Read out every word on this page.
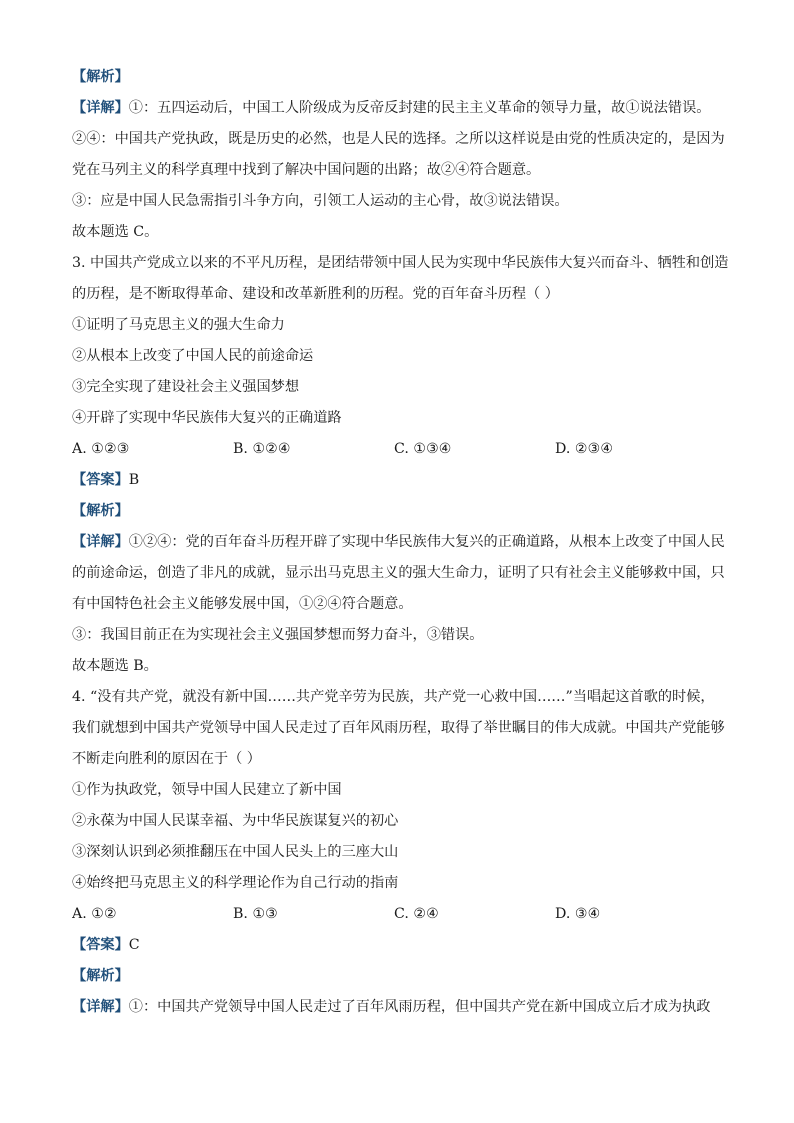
【解析】
【详解】①：五四运动后，中国工人阶级成为反帝反封建的民主主义革命的领导力量，故①说法错误。
②④：中国共产党执政，既是历史的必然，也是人民的选择。之所以这样说是由党的性质决定的，是因为
党在马列主义的科学真理中找到了解决中国问题的出路；故②④符合题意。
③：应是中国人民急需指引斗争方向，引领工人运动的主心骨，故③说法错误。
故本题选 C。
3. 中国共产党成立以来的不平凡历程，是团结带领中国人民为实现中华民族伟大复兴而奋斗、牺牲和创造
的历程，是不断取得革命、建设和改革新胜利的历程。党的百年奋斗历程（ ）
①证明了马克思主义的强大生命力
②从根本上改变了中国人民的前途命运
③完全实现了建设社会主义强国梦想
④开辟了实现中华民族伟大复兴的正确道路
A. ①②③	B. ①②④	C. ①③④	D. ②③④
【答案】B
【解析】
【详解】①②④：党的百年奋斗历程开辟了实现中华民族伟大复兴的正确道路，从根本上改变了中国人民
的前途命运，创造了非凡的成就，显示出马克思主义的强大生命力，证明了只有社会主义能够救中国，只
有中国特色社会主义能够发展中国，①②④符合题意。
③：我国目前正在为实现社会主义强国梦想而努力奋斗，③错误。
故本题选 B。
4. “没有共产党，就没有新中国……共产党辛劳为民族，共产党一心救中国……”当唱起这首歌的时候，
我们就想到中国共产党领导中国人民走过了百年风雨历程，取得了举世瞩目的伟大成就。中国共产党能够
不断走向胜利的原因在于（ ）
①作为执政党，领导中国人民建立了新中国
②永葆为中国人民谋幸福、为中华民族谋复兴的初心
③深刻认识到必须推翻压在中国人民头上的三座大山
④始终把马克思主义的科学理论作为自己行动的指南
A. ①②	B. ①③	C. ②④	D. ③④
【答案】C
【解析】
【详解】①：中国共产党领导中国人民走过了百年风雨历程，但中国共产党在新中国成立后才成为执政
